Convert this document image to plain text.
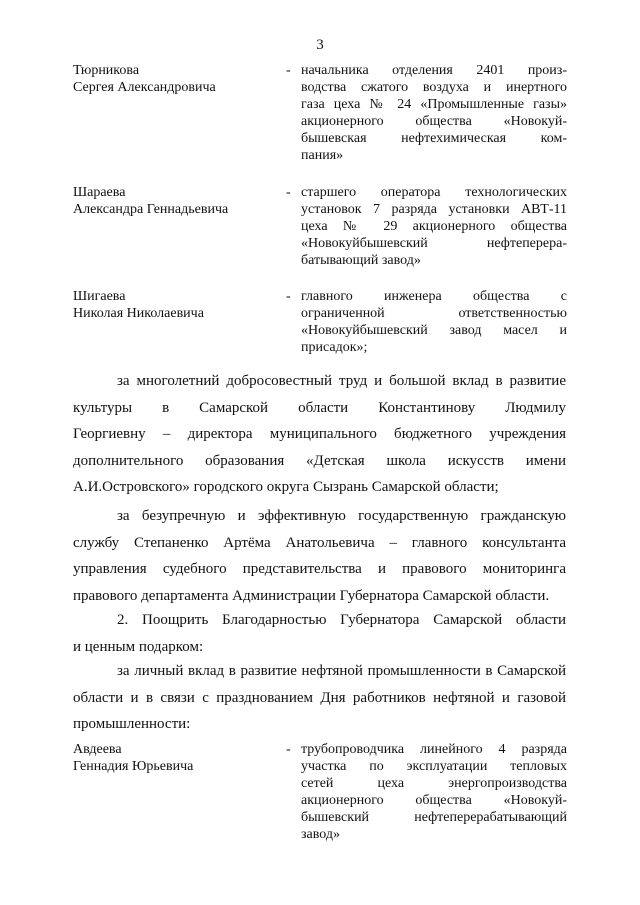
3
Тюрникова
Сергея Александровича
- начальника отделения 2401 произ-
водства сжатого воздуха и инертного
газа цеха № 24 «Промышленные газы»
акционерного общества «Новокуй-
бышевская нефтехимическая ком-
пания»
Шараева
Александра Геннадьевича
- старшего оператора технологических
установок 7 разряда установки АВТ-11
цеха № 29 акционерного общества
«Новокуйбышевский нефтеперера-
батывающий завод»
Шигаева
Николая Николаевича
- главного инженера общества с
ограниченной ответственностью
«Новокуйбышевский завод масел и
присадок»;
за многолетний добросовестный труд и большой вклад в развитие
культуры в Самарской области Константинову Людмилу
Георгиевну – директора муниципального бюджетного учреждения
дополнительного образования «Детская школа искусств имени
А.И.Островского» городского округа Сызрань Самарской области;
за безупречную и эффективную государственную гражданскую
службу Степаненко Артёма Анатольевича – главного консультанта
управления судебного представительства и правового мониторинга
правового департамента Администрации Губернатора Самарской области.
2. Поощрить Благодарностью Губернатора Самарской области
и ценным подарком:
за личный вклад в развитие нефтяной промышленности в Самарской
области и в связи с празднованием Дня работников нефтяной и газовой
промышленности:
Авдеева
Геннадия Юрьевича
- трубопроводчика линейного 4 разряда
участка по эксплуатации тепловых
сетей цеха энергопроизводства
акционерного общества «Новокуй-
бышевский нефтеперерабатывающий
завод»
